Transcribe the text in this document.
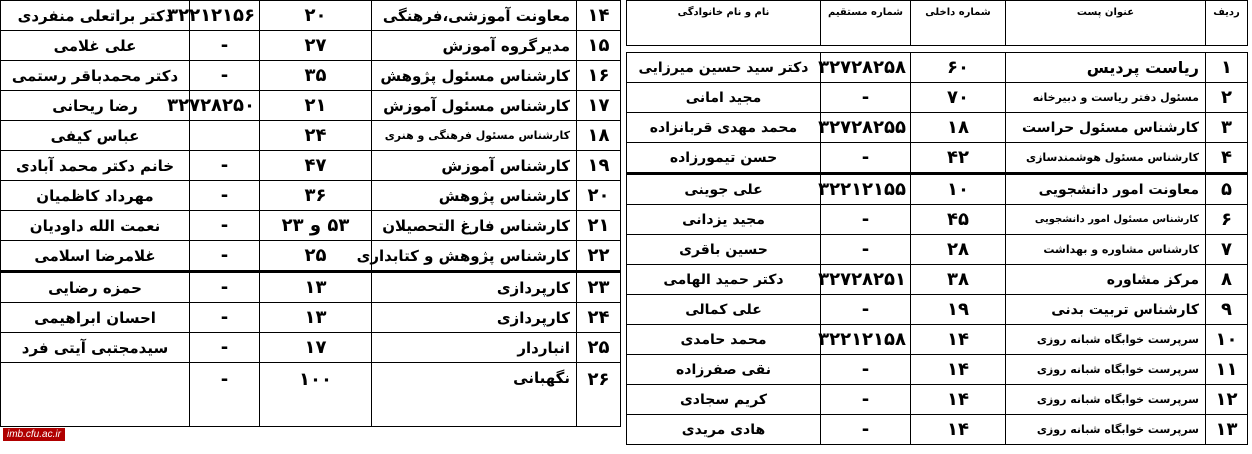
۱۴	معاونت آموزشی،فرهنگی	۲۰	۳۲۲۱۲۱۵۶	دکتر براتعلی منفردی
۱۵	مدیرگروه آموزش	۲۷	-	علی غلامی
۱۶	کارشناس مسئول پژوهش	۳۵	-	دکتر محمدباقر رستمی
۱۷	کارشناس مسئول آموزش	۲۱	۳۲۷۲۸۲۵۰	رضا ریحانی
۱۸	کارشناس مسئول فرهنگی و هنری	۲۴		عباس کیفی
۱۹	کارشناس آموزش	۴۷	-	خانم دکتر محمد آبادی
۲۰	کارشناس پژوهش	۳۶	-	مهرداد کاظمیان
۲۱	کارشناس فارغ التحصیلان	۵۳ و ۲۳	-	نعمت الله داودیان
۲۲	کارشناس پژوهش و کتابداری	۲۵	-	غلامرضا اسلامی
۲۳	کارپردازی	۱۳	-	حمزه رضایی
۲۴	کارپردازی	۱۳	-	احسان ابراهیمی
۲۵	انباردار	۱۷	-	سیدمجتبی آیتی فرد
۲۶	نگهبانی	۱۰۰	-	
ردیف	عنوان پست	شماره داخلی	شماره مستقیم	نام و نام خانوادگی

۱	ریاست پردیس	۶۰	۳۲۷۲۸۲۵۸	دکتر سید حسین میرزایی
۲	مسئول دفتر ریاست و دبیرخانه	۷۰	-	مجید امانی
۳	کارشناس مسئول حراست	۱۸	۳۲۷۲۸۲۵۵	محمد مهدی قربانزاده
۴	کارشناس مسئول هوشمندسازی	۴۲	-	حسن تیمورزاده
۵	معاونت امور دانشجویی	۱۰	۳۲۲۱۲۱۵۵	علی جوینی
۶	کارشناس مسئول امور دانشجویی	۴۵	-	مجید یزدانی
۷	کارشناس مشاوره و بهداشت	۲۸	-	حسین باقری
۸	مرکز مشاوره	۳۸	۳۲۷۲۸۲۵۱	دکتر حمید الهامی
۹	کارشناس تربیت بدنی	۱۹	-	علی کمالی
۱۰	سرپرست خوابگاه شبانه روزی	۱۴	۳۲۲۱۲۱۵۸	محمد حامدی
۱۱	سرپرست خوابگاه شبانه روزی	۱۴	-	نقی صفرزاده
۱۲	سرپرست خوابگاه شبانه روزی	۱۴	-	کریم سجادی
۱۳	سرپرست خوابگاه شبانه روزی	۱۴	-	هادی مریدی
imb.cfu.ac.ir
